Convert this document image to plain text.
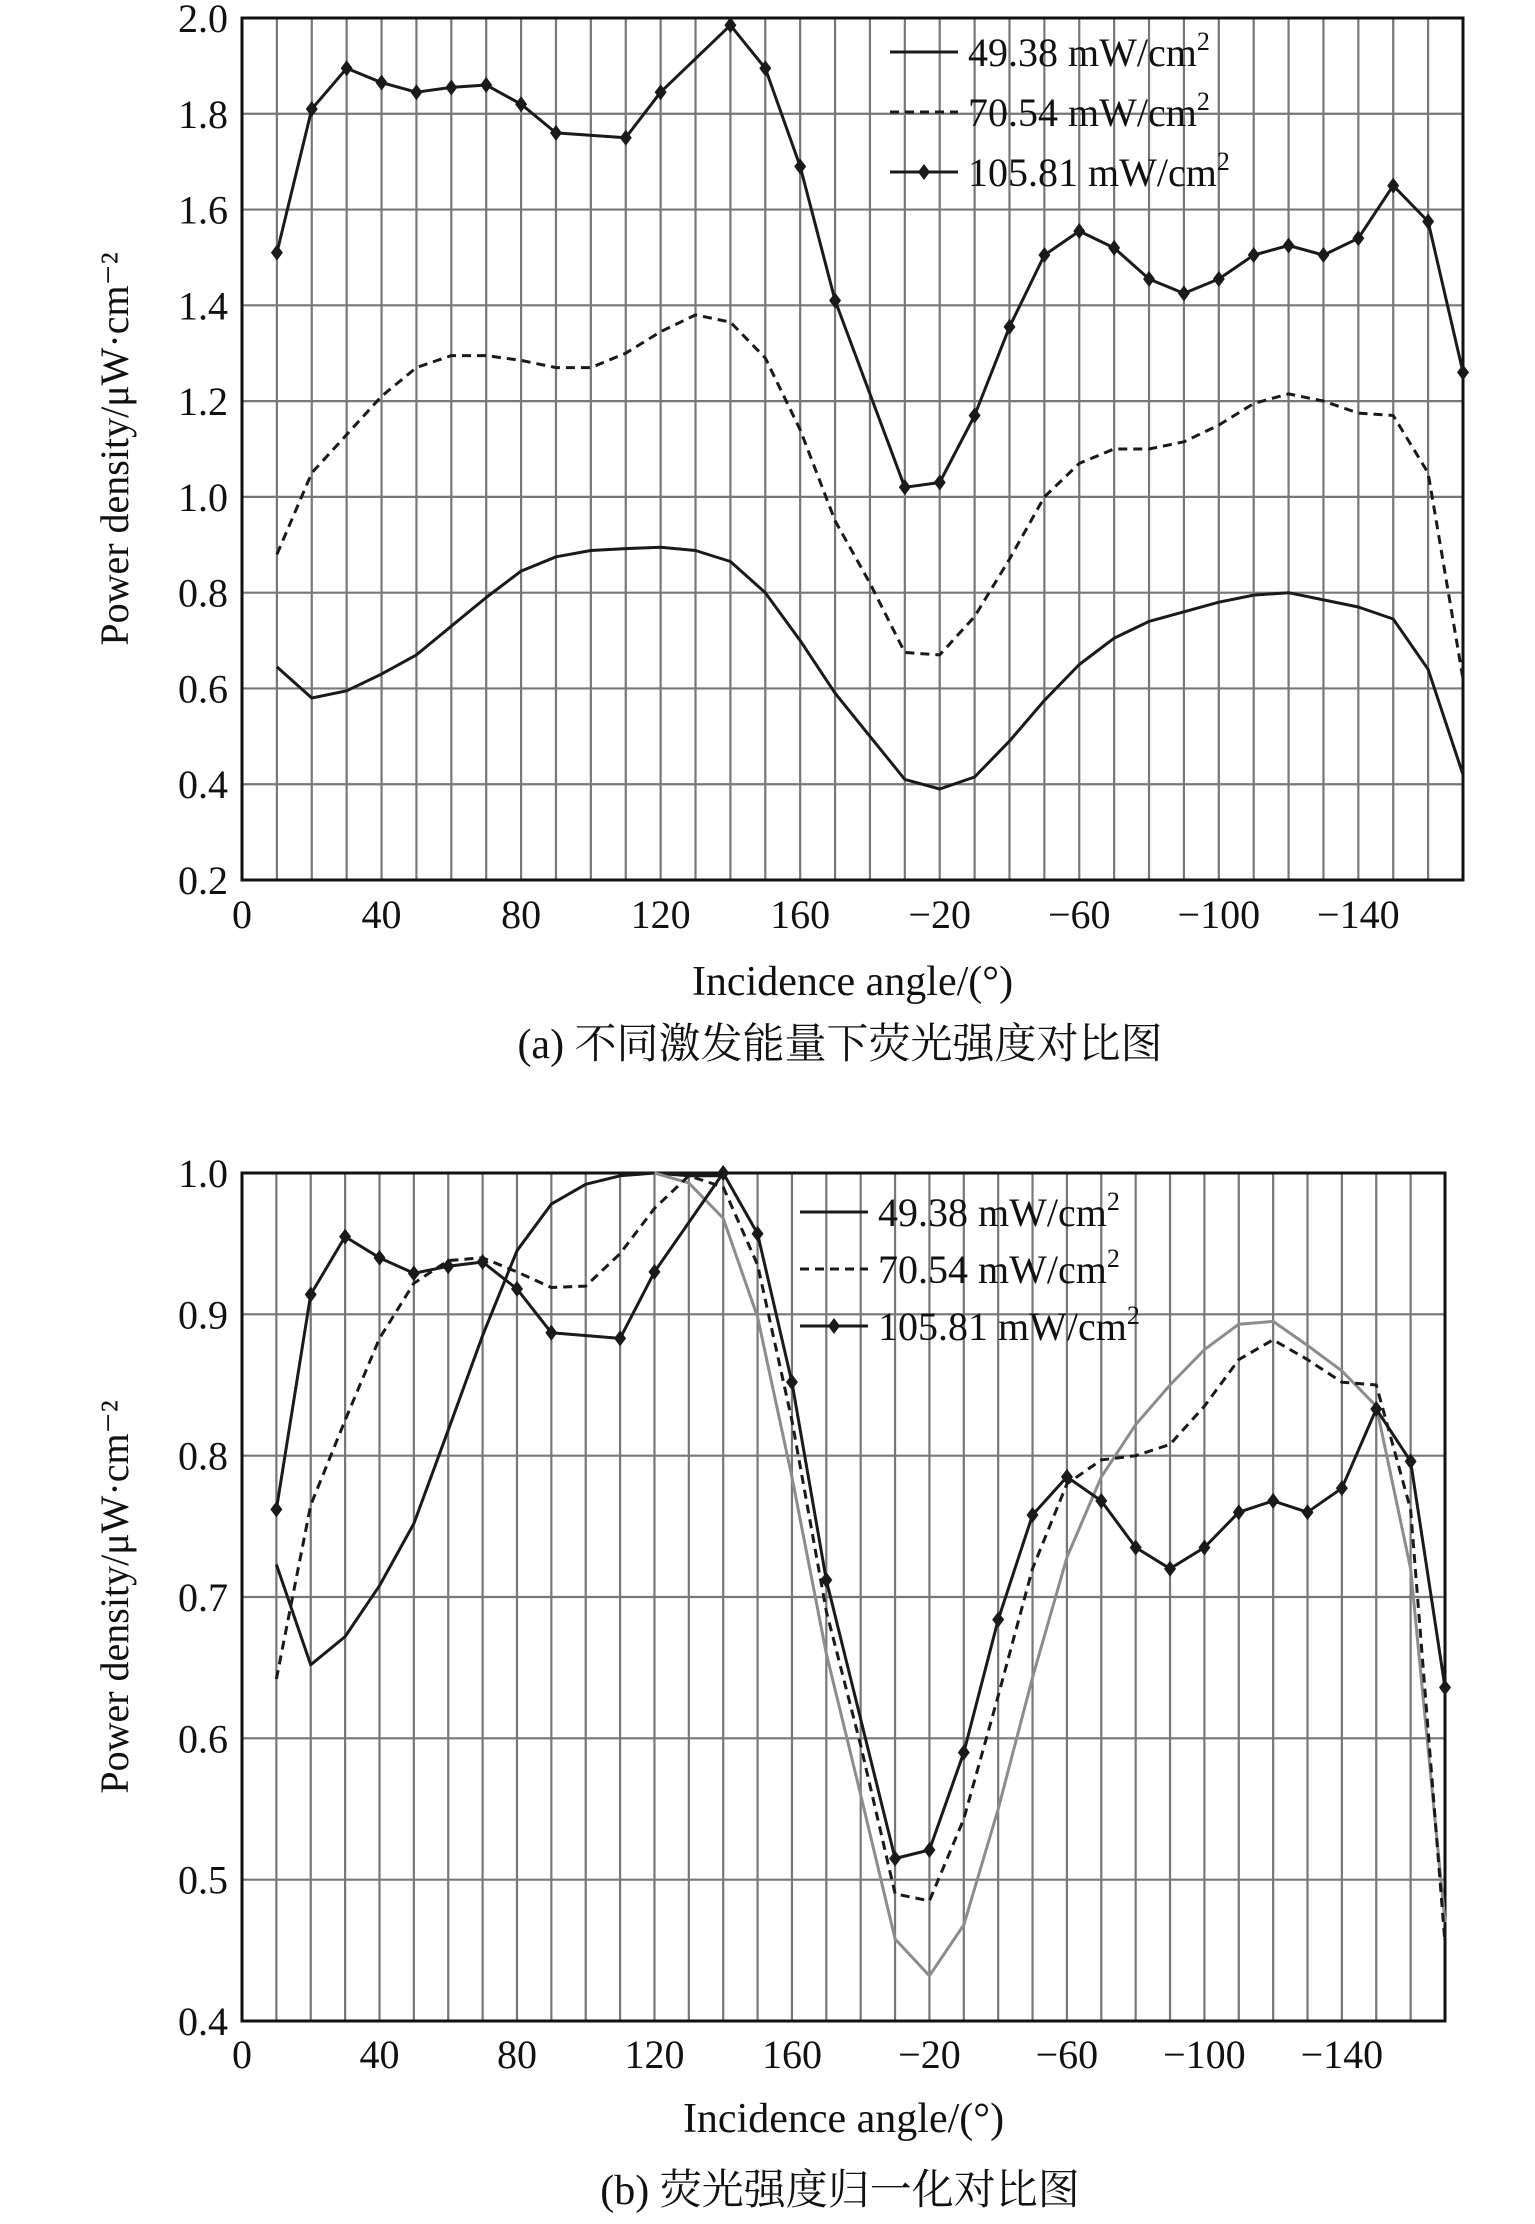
0.2
0.4
0.6
0.8
1.0
1.2
1.4
1.6
1.8
2.0
0	40 80 120 160 −20 −60 −100 −140
Incidence angle/(°)
Power density/μW·cm⁻²
49.38 $mW/cm^2$
70.54 $mW/cm^2$
105.81 $mW/cm^2$
(a) 不同激发能量下荧光强度对比图
0.4
0.5
0.6
0.7
0.8
0.9
1.0
0	40 80 120 160 −20 −60 −100 −140
Incidence angle/(°)
Power density/μW·cm⁻²
49.38 $mW/cm^2$
70.54 $mW/cm^2$
105.81 $mW/cm^2$
(b) 荧光强度归一化对比图
